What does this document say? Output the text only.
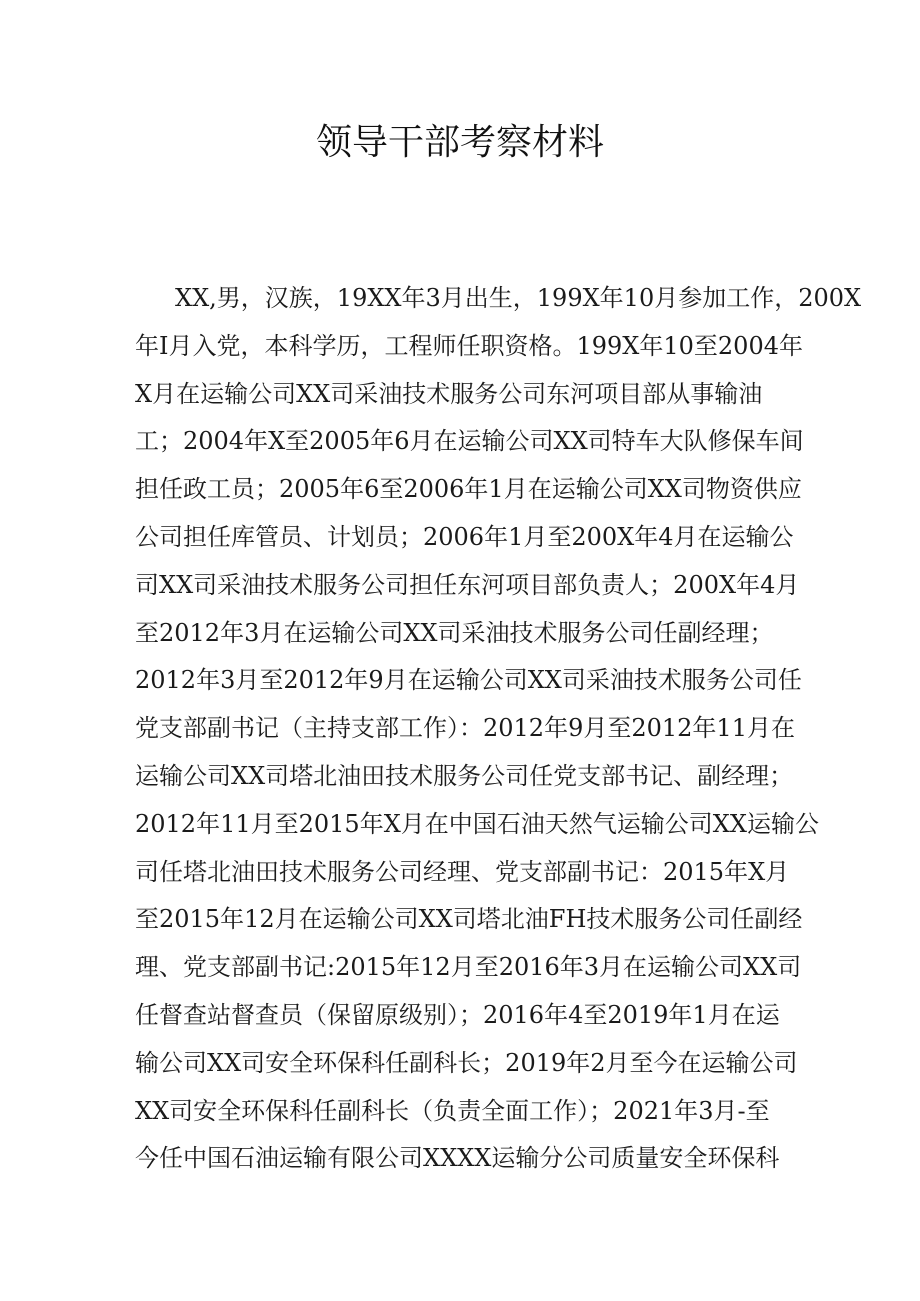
领导干部考察材料
XX,男，汉族，19XX年3月出生，199X年10月参加工作，200X
年I月入党，本科学历，工程师任职资格。199X年10至2004年
X月在运输公司XX司采油技术服务公司东河项目部从事输油
工；2004年X至2005年6月在运输公司XX司特车大队修保车间
担任政工员；2005年6至2006年1月在运输公司XX司物资供应
公司担任库管员、计划员；2006年1月至200X年4月在运输公
司XX司采油技术服务公司担任东河项目部负责人；200X年4月
至2012年3月在运输公司XX司采油技术服务公司任副经理；
2012年3月至2012年9月在运输公司XX司采油技术服务公司任
党支部副书记（主持支部工作）：2012年9月至2012年11月在
运输公司XX司塔北油田技术服务公司任党支部书记、副经理；
2012年11月至2015年X月在中国石油天然气运输公司XX运输公
司任塔北油田技术服务公司经理、党支部副书记：2015年X月
至2015年12月在运输公司XX司塔北油FH技术服务公司任副经
理、党支部副书记:2015年12月至2016年3月在运输公司XX司
任督查站督查员（保留原级别）；2016年4至2019年1月在运
输公司XX司安全环保科任副科长；2019年2月至今在运输公司
XX司安全环保科任副科长（负责全面工作）；2021年3月-至
今任中国石油运输有限公司XXXX运输分公司质量安全环保科
